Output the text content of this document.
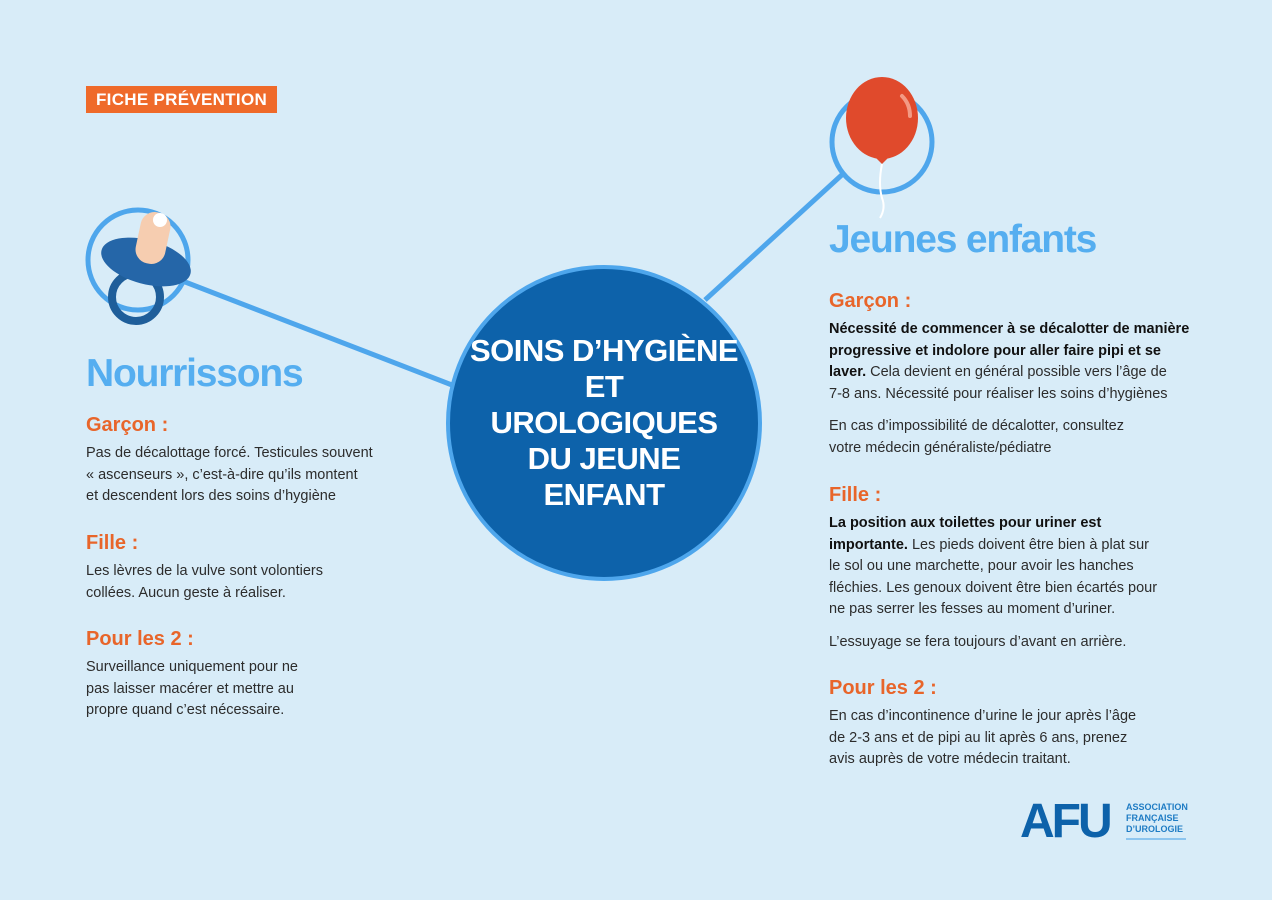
FICHE PRÉVENTION
SOINS D’HYGIÈNE ET UROLOGIQUES DU JEUNE ENFANT
Nourrissons
Garçon :
Pas de décalottage forcé. Testicules souvent
« ascenseurs », c’est-à-dire qu’ils montent
et descendent lors des soins d’hygiène
Fille :
Les lèvres de la vulve sont volontiers
collées. Aucun geste à réaliser.
Pour les 2 :
Surveillance uniquement pour ne
pas laisser macérer et mettre au
propre quand c’est nécessaire.
Jeunes enfants
Garçon :
Nécessité de commencer à se décalotter de manière
progressive et indolore pour aller faire pipi et se
laver. Cela devient en général possible vers l’âge de
7-8 ans. Nécessité pour réaliser les soins d’hygiènes
En cas d’impossibilité de décalotter, consultez
votre médecin généraliste/pédiatre
Fille :
La position aux toilettes pour uriner est
importante. Les pieds doivent être bien à plat sur
le sol ou une marchette, pour avoir les hanches
fléchies. Les genoux doivent être bien écartés pour
ne pas serrer les fesses au moment d’uriner.
L’essuyage se fera toujours d’avant en arrière.
Pour les 2 :
En cas d’incontinence d’urine le jour après l’âge
de 2-3 ans et de pipi au lit après 6 ans, prenez
avis auprès de votre médecin traitant.
AFU ASSOCIATION
FRANÇAISE
D’UROLOGIE
